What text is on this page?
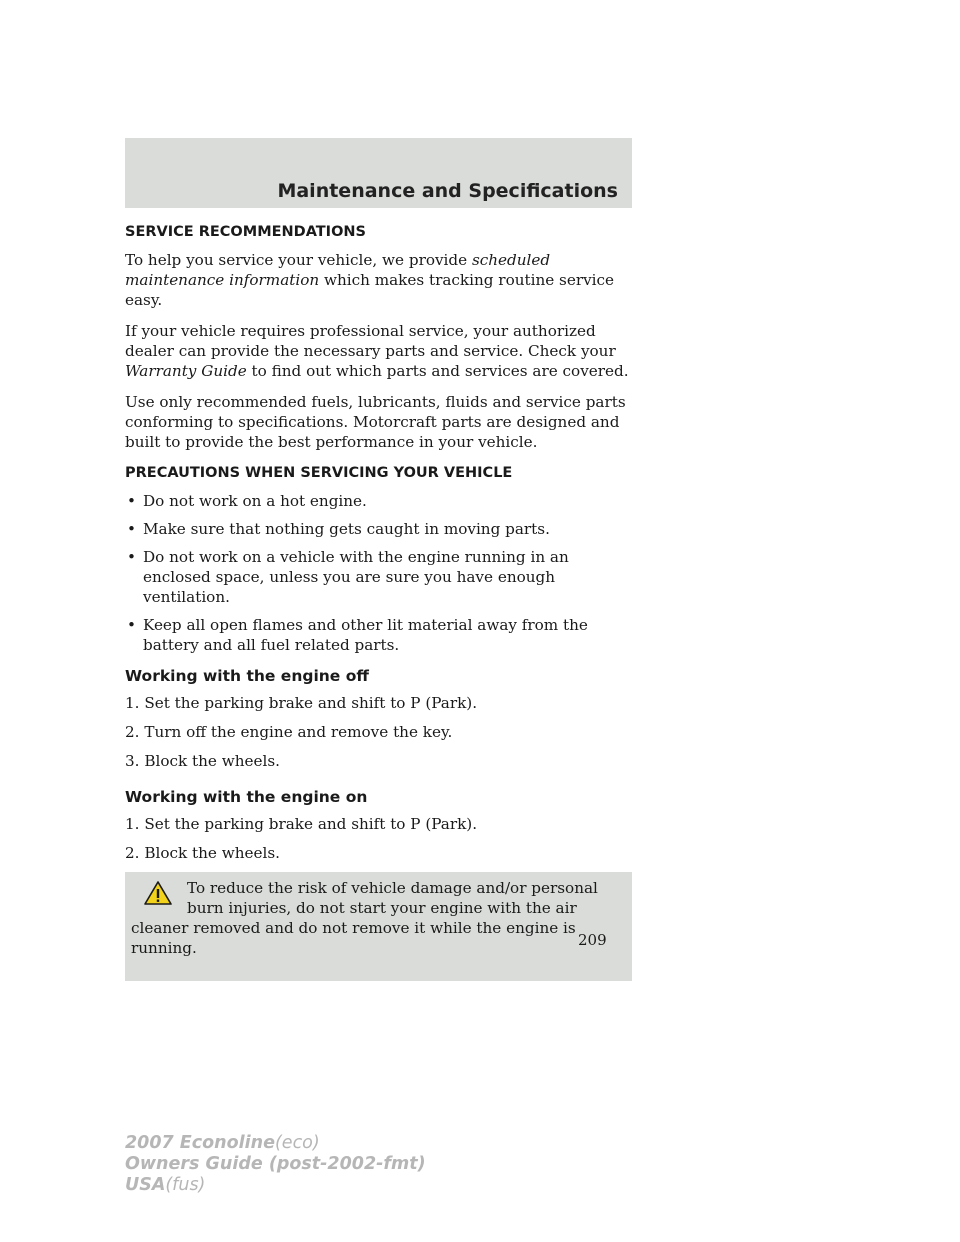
Maintenance and Specifications
SERVICE RECOMMENDATIONS

To help you service your vehicle, we provide scheduled maintenance information which makes tracking routine service easy.

If your vehicle requires professional service, your authorized dealer can provide the necessary parts and service. Check your Warranty Guide to find out which parts and services are covered.

Use only recommended fuels, lubricants, fluids and service parts conforming to specifications. Motorcraft parts are designed and built to provide the best performance in your vehicle.

PRECAUTIONS WHEN SERVICING YOUR VEHICLE
• Do not work on a hot engine.
• Make sure that nothing gets caught in moving parts.
• Do not work on a vehicle with the engine running in an enclosed space, unless you are sure you have enough ventilation.
• Keep all open flames and other lit material away from the battery and all fuel related parts.
Working with the engine off

1. Set the parking brake and shift to P (Park).

2. Turn off the engine and remove the key.

3. Block the wheels.

Working with the engine on

1. Set the parking brake and shift to P (Park).

2. Block the wheels.

To reduce the risk of vehicle damage and/or personal burn injuries, do not start your engine with the air cleaner removed and do not remove it while the engine is running.	209
2007 Econoline(eco)
Owners Guide (post-2002-fmt)
USA(fus)
